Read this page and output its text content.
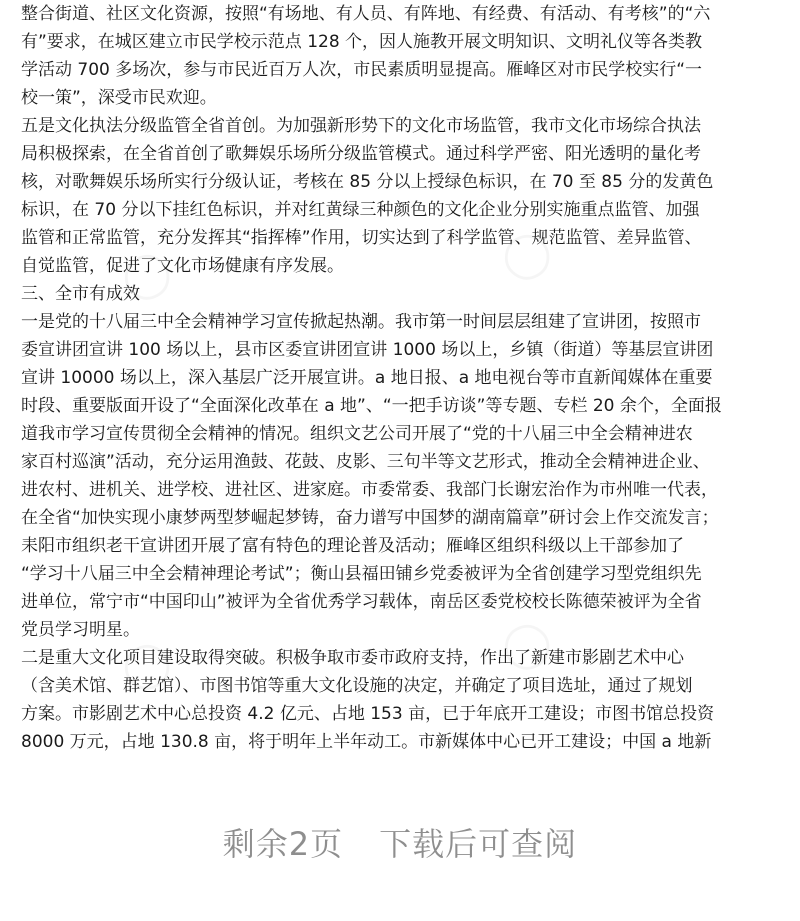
◯	◯
◯	◯
整合街道、社区文化资源，按照“有场地、有人员、有阵地、有经费、有活动、有考核”的“六
有”要求，在城区建立市民学校示范点 128 个，因人施教开展文明知识、文明礼仪等各类教
学活动 700 多场次，参与市民近百万人次，市民素质明显提高。雁峰区对市民学校实行“一
校一策”，深受市民欢迎。
五是文化执法分级监管全省首创。为加强新形势下的文化市场监管，我市文化市场综合执法
局积极探索，在全省首创了歌舞娱乐场所分级监管模式。通过科学严密、阳光透明的量化考
核，对歌舞娱乐场所实行分级认证，考核在 85 分以上授绿色标识，在 70 至 85 分的发黄色
标识，在 70 分以下挂红色标识，并对红黄绿三种颜色的文化企业分别实施重点监管、加强
监管和正常监管，充分发挥其“指挥棒”作用，切实达到了科学监管、规范监管、差异监管、
自觉监管，促进了文化市场健康有序发展。
三、全市有成效
一是党的十八届三中全会精神学习宣传掀起热潮。我市第一时间层层组建了宣讲团，按照市
委宣讲团宣讲 100 场以上，县市区委宣讲团宣讲 1000 场以上，乡镇（街道）等基层宣讲团
宣讲 10000 场以上，深入基层广泛开展宣讲。a 地日报、a 地电视台等市直新闻媒体在重要
时段、重要版面开设了“全面深化改革在 a 地”、“一把手访谈”等专题、专栏 20 余个，全面报
道我市学习宣传贯彻全会精神的情况。组织文艺公司开展了“党的十八届三中全会精神进农
家百村巡演”活动，充分运用渔鼓、花鼓、皮影、三句半等文艺形式，推动全会精神进企业、
进农村、进机关、进学校、进社区、进家庭。市委常委、我部门长谢宏治作为市州唯一代表，
在全省“加快实现小康梦两型梦崛起梦铸，奋力谱写中国梦的湖南篇章”研讨会上作交流发言；
耒阳市组织老干宣讲团开展了富有特色的理论普及活动；雁峰区组织科级以上干部参加了
“学习十八届三中全会精神理论考试”；衡山县福田铺乡党委被评为全省创建学习型党组织先
进单位，常宁市“中国印山”被评为全省优秀学习载体，南岳区委党校校长陈德荣被评为全省
党员学习明星。
二是重大文化项目建设取得突破。积极争取市委市政府支持，作出了新建市影剧艺术中心
（含美术馆、群艺馆）、市图书馆等重大文化设施的决定，并确定了项目选址，通过了规划
方案。市影剧艺术中心总投资 4.2 亿元、占地 153 亩，已于年底开工建设；市图书馆总投资
8000 万元，占地 130.8 亩，将于明年上半年动工。市新媒体中心已开工建设；中国 a 地新
剩余2页 下载后可查阅
